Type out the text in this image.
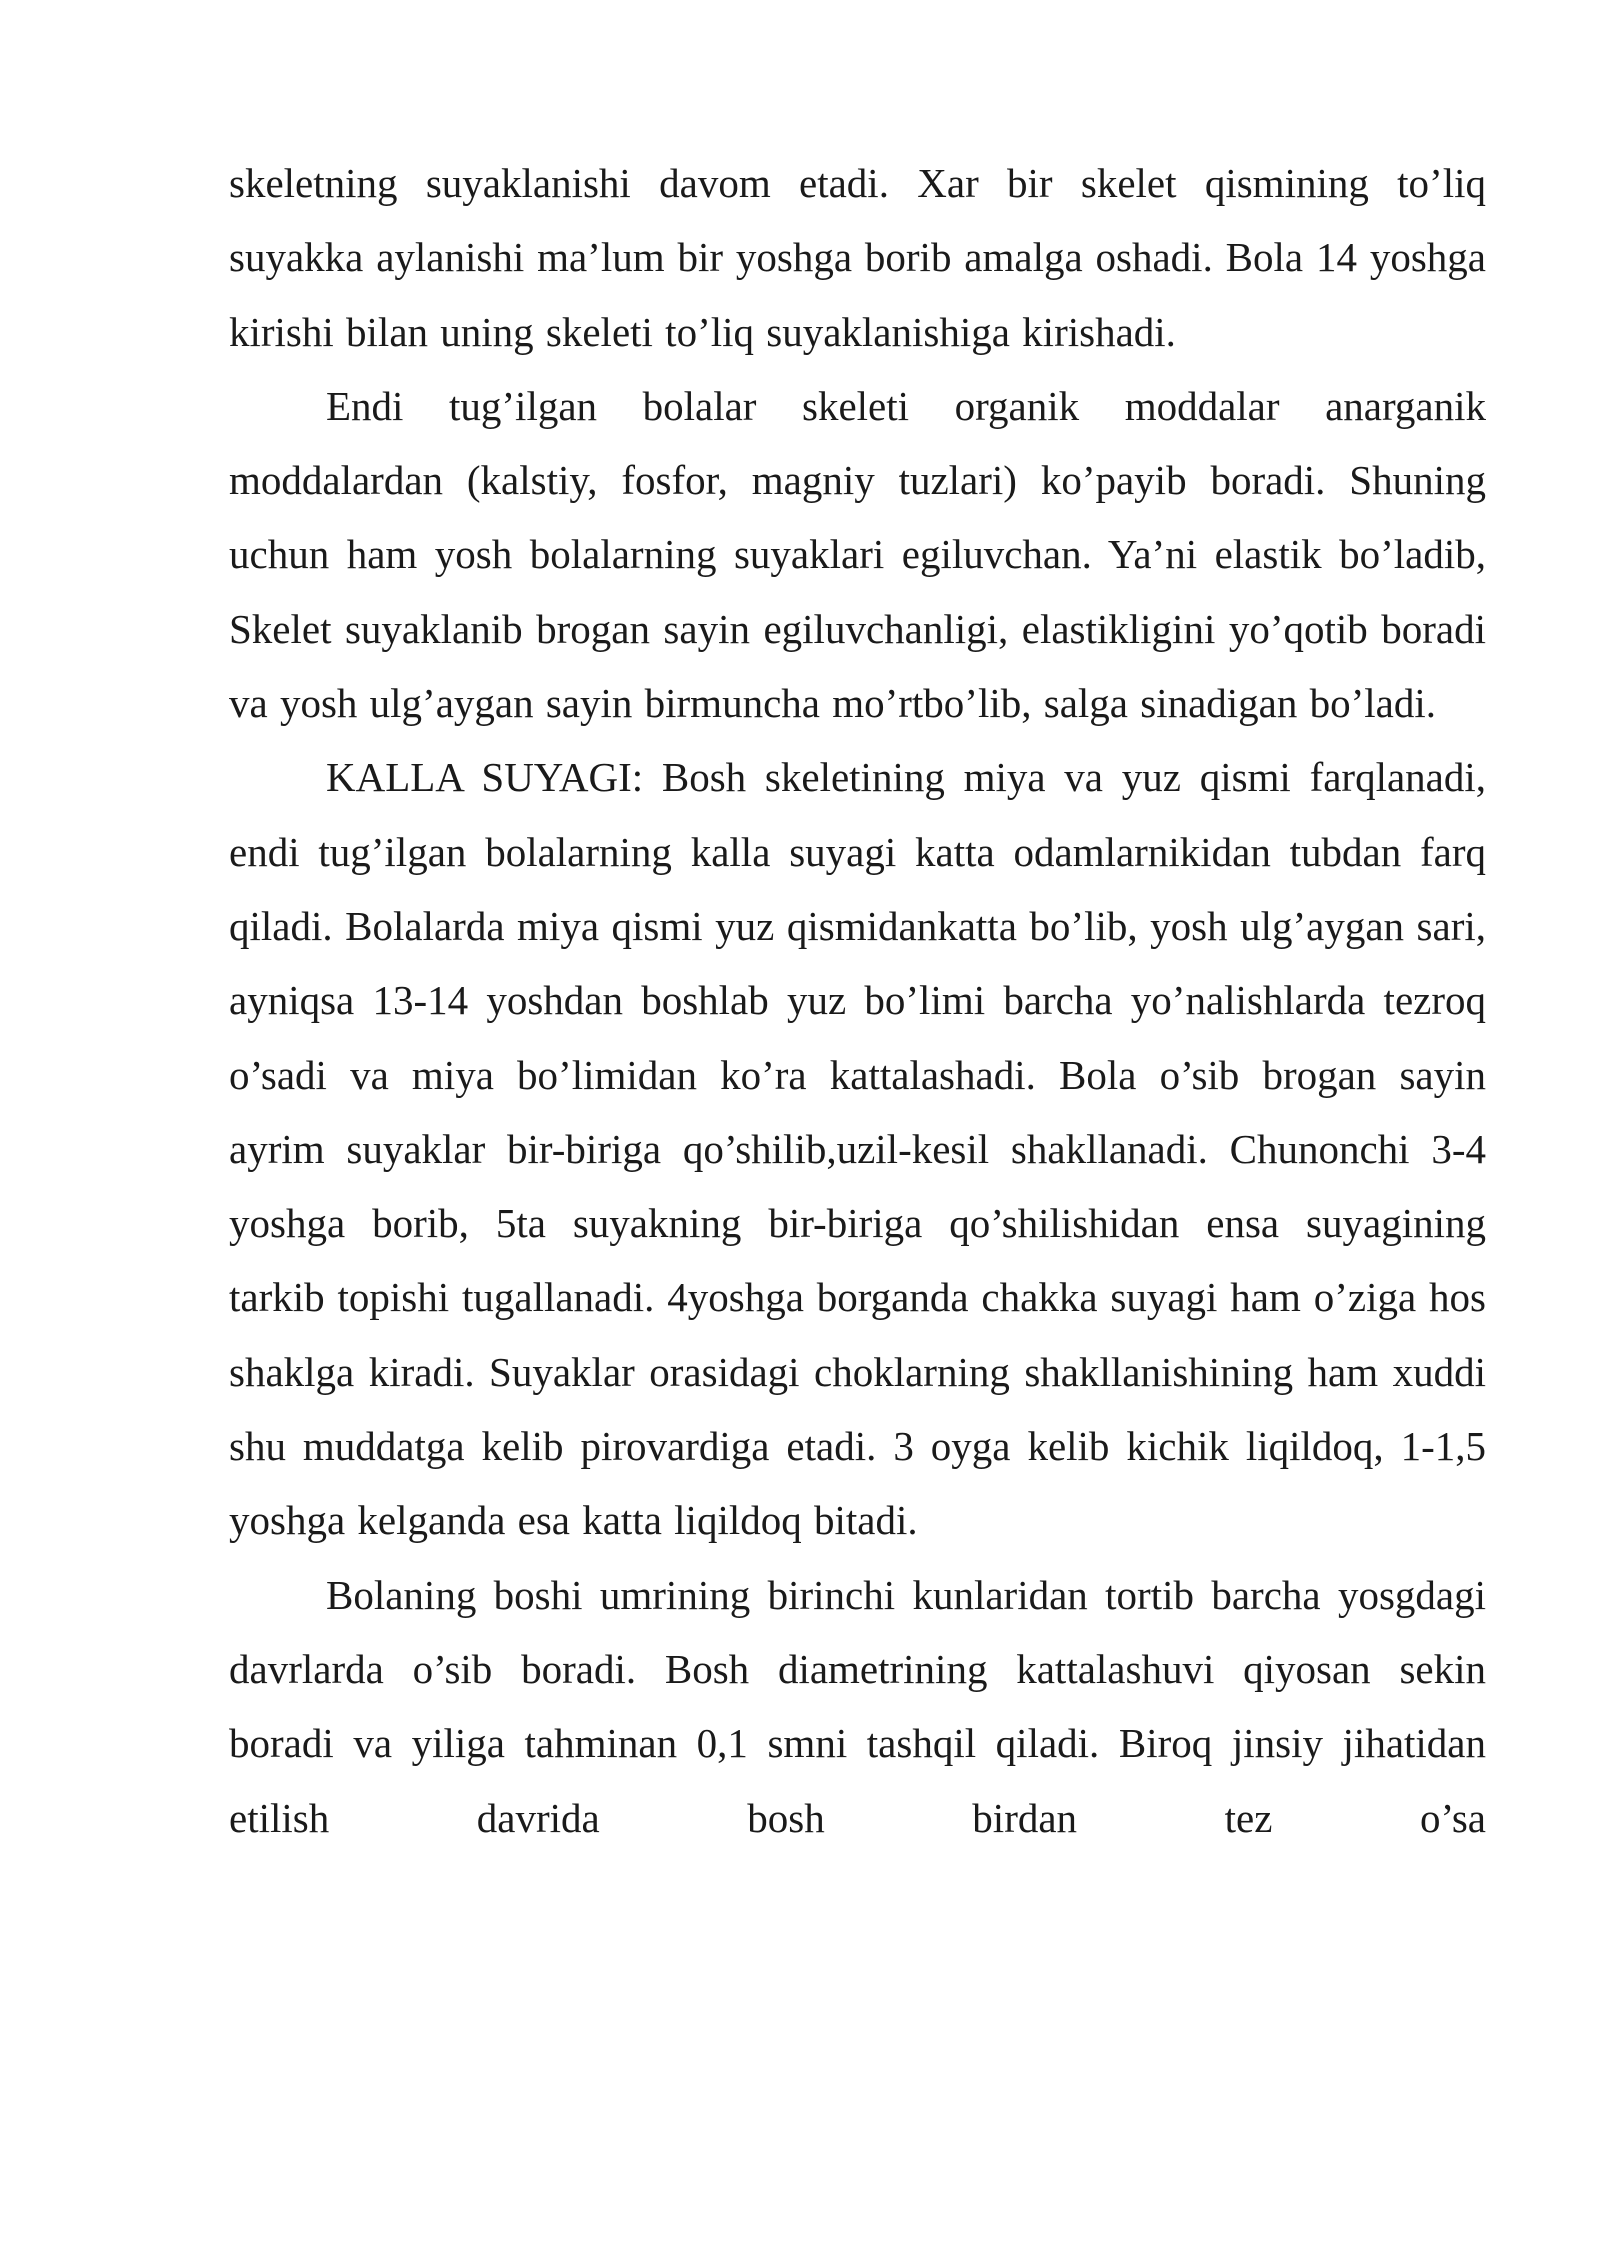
skeletning suyaklanishi davom etadi. Xar bir skelet qismining to’liq suyakka aylanishi ma’lum bir yoshga borib amalga oshadi. Bola 14 yoshga kirishi bilan uning skeleti to’liq suyaklanishiga kirishadi.

Endi tug’ilgan bolalar skeleti organik moddalar anarganik moddalardan (kalstiy, fosfor, magniy tuzlari) ko’payib boradi. Shuning uchun ham yosh bolalarning suyaklari egiluvchan. Ya’ni elastik bo’ladib, Skelet suyaklanib brogan sayin egiluvchanligi, elastikligini yo’qotib boradi va yosh ulg’aygan sayin birmuncha mo’rtbo’lib, salga sinadigan bo’ladi.

KALLA SUYAGI: Bosh skeletining miya va yuz qismi farqlanadi, endi tug’ilgan bolalarning kalla suyagi katta odamlarnikidan tubdan farq qiladi. Bolalarda miya qismi yuz qismidankatta bo’lib, yosh ulg’aygan sari, ayniqsa 13-14 yoshdan boshlab yuz bo’limi barcha yo’nalishlarda tezroq o’sadi va miya bo’limidan ko’ra kattalashadi. Bola o’sib brogan sayin ayrim suyaklar bir-biriga qo’shilib,uzil-kesil shakllanadi. Chunonchi 3-4 yoshga borib, 5ta suyakning bir-biriga qo’shilishidan ensa suyagining tarkib topishi tugallanadi. 4yoshga borganda chakka suyagi ham o’ziga hos shaklga kiradi. Suyaklar orasidagi choklarning shakllanishining ham xuddi shu muddatga kelib pirovardiga etadi. 3 oyga kelib kichik liqildoq, 1-1,5 yoshga kelganda esa katta liqildoq bitadi.

Bolaning boshi umrining birinchi kunlaridan tortib barcha yosgdagi davrlarda o’sib boradi. Bosh diametrining kattalashuvi qiyosan sekin boradi va yiliga tahminan 0,1 smni tashqil qiladi. Biroq jinsiy jihatidan etilish davrida bosh birdan tez o’sa
